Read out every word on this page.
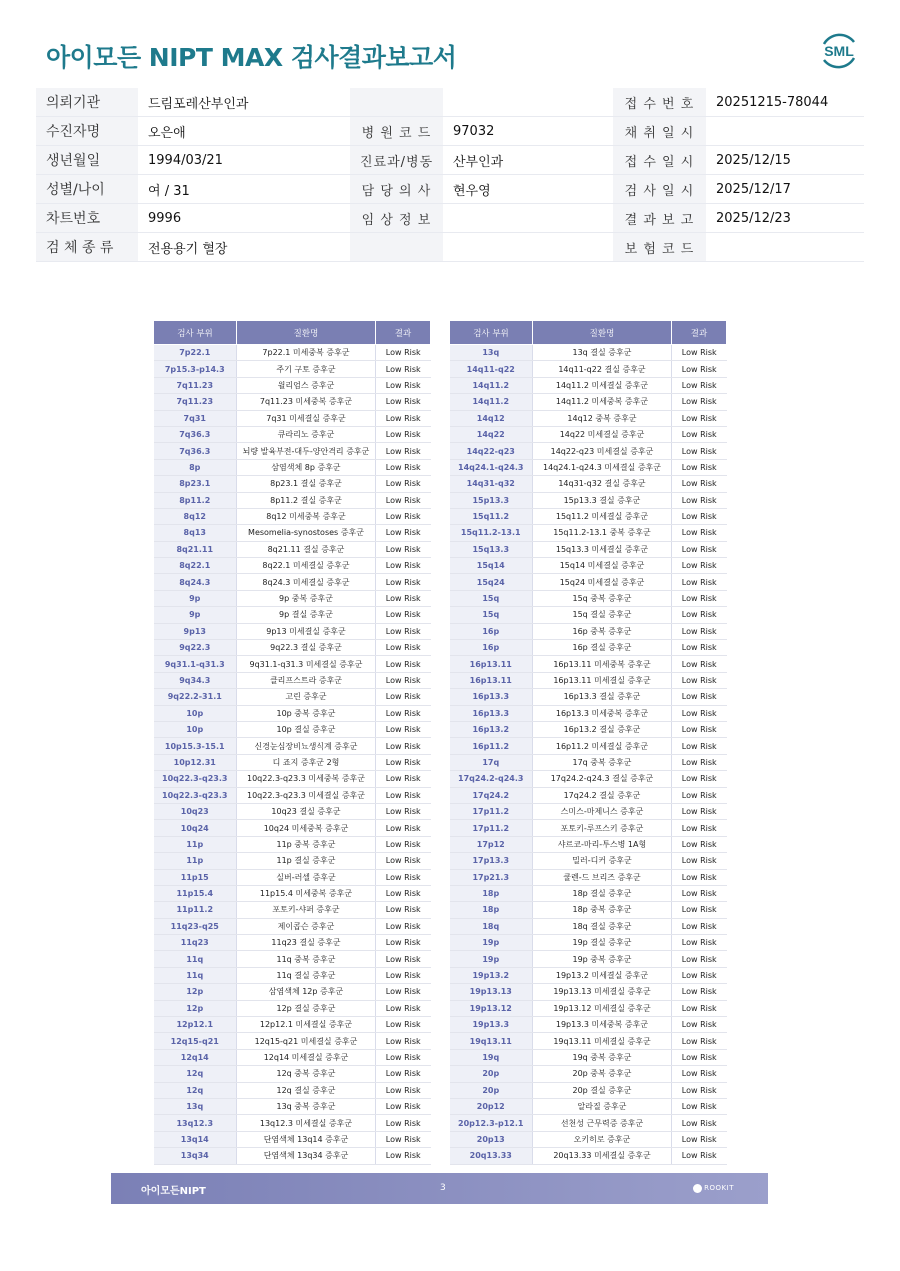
아이모든 NIPT MAX 검사결과보고서	SML
의뢰기관	드림포레산부인과			접 수 번 호	20251215-78044
수진자명	오은애	병 원 코 드	97032	채 취 일 시	
생년월일	1994/03/21	진료과/병동	산부인과	접 수 일 시	2025/12/15
성별/나이	여 / 31	담 당 의 사	현우영	검 사 일 시	2025/12/17
차트번호	9996	임 상 정 보		결 과 보 고	2025/12/23
검 체 종 류	전용용기 혈장			보 험 코 드	
검사 부위	질환명	결과
7p22.1	7p22.1 미세중복 증후군	Low Risk
7p15.3-p14.3	주기 구토 증후군	Low Risk
7q11.23	윌리엄스 증후군	Low Risk
7q11.23	7q11.23 미세중복 증후군	Low Risk
7q31	7q31 미세결실 증후군	Low Risk
7q36.3	큐라리노 증후군	Low Risk
7q36.3	뇌량 발육부전-대두-양안격리 증후군	Low Risk
8p	삼염색체 8p 증후군	Low Risk
8p23.1	8p23.1 결실 증후군	Low Risk
8p11.2	8p11.2 결실 증후군	Low Risk
8q12	8q12 미세중복 증후군	Low Risk
8q13	Mesomelia-synostoses 증후군	Low Risk
8q21.11	8q21.11 결실 증후군	Low Risk
8q22.1	8q22.1 미세결실 증후군	Low Risk
8q24.3	8q24.3 미세결실 증후군	Low Risk
9p	9p 중복 증후군	Low Risk
9p	9p 결실 증후군	Low Risk
9p13	9p13 미세결실 증후군	Low Risk
9q22.3	9q22.3 결실 증후군	Low Risk
9q31.1-q31.3	9q31.1-q31.3 미세결실 증후군	Low Risk
9q34.3	클리프스트라 증후군	Low Risk
9q22.2-31.1	고린 증후군	Low Risk
10p	10p 중복 증후군	Low Risk
10p	10p 결실 증후군	Low Risk
10p15.3-15.1	신경눈심장비뇨생식계 증후군	Low Risk
10p12.31	디 죠지 증후군 2형	Low Risk
10q22.3-q23.3	10q22.3-q23.3 미세중복 증후군	Low Risk
10q22.3-q23.3	10q22.3-q23.3 미세결실 증후군	Low Risk
10q23	10q23 결실 증후군	Low Risk
10q24	10q24 미세중복 증후군	Low Risk
11p	11p 중복 증후군	Low Risk
11p	11p 결실 증후군	Low Risk
11p15	실버-러셀 증후군	Low Risk
11p15.4	11p15.4 미세중복 증후군	Low Risk
11p11.2	포토키-샤퍼 증후군	Low Risk
11q23-q25	제이콥슨 증후군	Low Risk
11q23	11q23 결실 증후군	Low Risk
11q	11q 중복 증후군	Low Risk
11q	11q 결실 증후군	Low Risk
12p	삼염색체 12p 증후군	Low Risk
12p	12p 결실 증후군	Low Risk
12p12.1	12p12.1 미세결실 증후군	Low Risk
12q15-q21	12q15-q21 미세결실 증후군	Low Risk
12q14	12q14 미세결실 증후군	Low Risk
12q	12q 중복 증후군	Low Risk
12q	12q 결실 증후군	Low Risk
13q	13q 중복 증후군	Low Risk
13q12.3	13q12.3 미세결실 증후군	Low Risk
13q14	단염색체 13q14 증후군	Low Risk
13q34	단염색체 13q34 증후군	Low Risk
검사 부위	질환명	결과
13q	13q 결실 증후군	Low Risk
14q11-q22	14q11-q22 결실 증후군	Low Risk
14q11.2	14q11.2 미세결실 증후군	Low Risk
14q11.2	14q11.2 미세중복 증후군	Low Risk
14q12	14q12 중복 증후군	Low Risk
14q22	14q22 미세결실 증후군	Low Risk
14q22-q23	14q22-q23 미세결실 증후군	Low Risk
14q24.1-q24.3	14q24.1-q24.3 미세결실 증후군	Low Risk
14q31-q32	14q31-q32 결실 증후군	Low Risk
15p13.3	15p13.3 결실 증후군	Low Risk
15q11.2	15q11.2 미세결실 증후군	Low Risk
15q11.2-13.1	15q11.2-13.1 중복 증후군	Low Risk
15q13.3	15q13.3 미세결실 증후군	Low Risk
15q14	15q14 미세결실 증후군	Low Risk
15q24	15q24 미세결실 증후군	Low Risk
15q	15q 중복 증후군	Low Risk
15q	15q 결실 증후군	Low Risk
16p	16p 중복 증후군	Low Risk
16p	16p 결실 증후군	Low Risk
16p13.11	16p13.11 미세중복 증후군	Low Risk
16p13.11	16p13.11 미세결실 증후군	Low Risk
16p13.3	16p13.3 결실 증후군	Low Risk
16p13.3	16p13.3 미세중복 증후군	Low Risk
16p13.2	16p13.2 결실 증후군	Low Risk
16p11.2	16p11.2 미세결실 증후군	Low Risk
17q	17q 중복 증후군	Low Risk
17q24.2-q24.3	17q24.2-q24.3 결실 증후군	Low Risk
17q24.2	17q24.2 결실 증후군	Low Risk
17p11.2	스미스-마제니스 증후군	Low Risk
17p11.2	포토키-루프스키 증후군	Low Risk
17p12	샤르코-마리-투스병 1A형	Low Risk
17p13.3	밀러-디커 증후군	Low Risk
17p21.3	쿨렌-드 브리즈 증후군	Low Risk
18p	18p 결실 증후군	Low Risk
18p	18p 중복 증후군	Low Risk
18q	18q 결실 증후군	Low Risk
19p	19p 결실 증후군	Low Risk
19p	19p 중복 증후군	Low Risk
19p13.2	19p13.2 미세결실 증후군	Low Risk
19p13.13	19p13.13 미세결실 증후군	Low Risk
19p13.12	19p13.12 미세결실 증후군	Low Risk
19p13.3	19p13.3 미세중복 증후군	Low Risk
19q13.11	19q13.11 미세결실 증후군	Low Risk
19q	19q 중복 증후군	Low Risk
20p	20p 중복 증후군	Low Risk
20p	20p 결실 증후군	Low Risk
20p12	알라질 증후군	Low Risk
20p12.3-p12.1	선천성 근무력증 증후군	Low Risk
20p13	오키히로 증후군	Low Risk
20q13.33	20q13.33 미세결실 증후군	Low Risk
아이모든NIPT	3	ROOKIT
